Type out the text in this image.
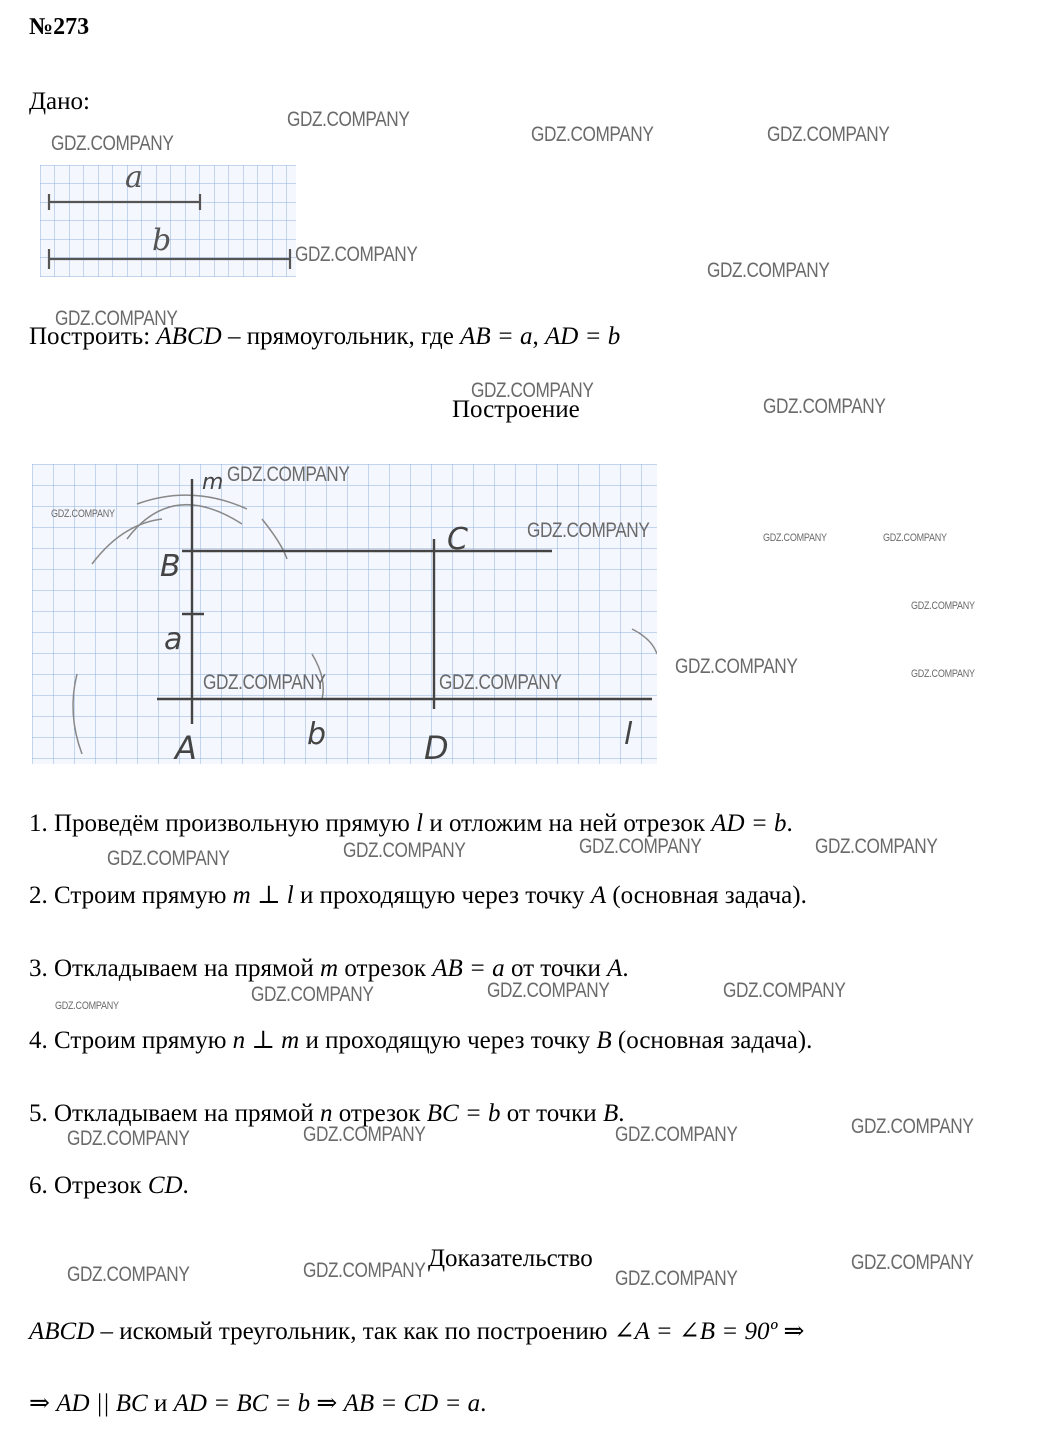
№273
Дано:
a
b
Построить: ABCD – прямоугольник, где AB = a, AD = b
Построение
m
B
C
a
A	b	D	l
1. Проведём произвольную прямую l и отложим на ней отрезок AD = b.
2. Строим прямую m ⊥ l и проходящую через точку A (основная задача).
3. Откладываем на прямой m отрезок AB = a от точки A.
4. Строим прямую n ⊥ m и проходящую через точку B (основная задача).
5. Откладываем на прямой n отрезок BC = b от точки B.
6. Отрезок CD.
Доказательство
ABCD – искомый треугольник, так как по построению ∠A = ∠B = 90º ⇒
⇒ AD || BC и AD = BC = b ⇒ AB = CD = a.
GDZ.COMPANY
GDZ.COMPANY
GDZ.COMPANY	GDZ.COMPANY
GDZ.COMPANY
GDZ.COMPANY
GDZ.COMPANY
GDZ.COMPANY
GDZ.COMPANY
GDZ.COMPANY
GDZ.COMPANY
GDZ.COMPANY	GDZ.COMPANY	GDZ.COMPANY
GDZ.COMPANY
GDZ.COMPANY	GDZ.COMPANY
GDZ.COMPANY	GDZ.COMPANY
GDZ.COMPANY	GDZ.COMPANY	GDZ.COMPANY	GDZ.COMPANY
GDZ.COMPANY	GDZ.COMPANY	GDZ.COMPANY
GDZ.COMPANY
GDZ.COMPANY	GDZ.COMPANY	GDZ.COMPANY	GDZ.COMPANY
GDZ.COMPANY	GDZ.COMPANY	GDZ.COMPANY
GDZ.COMPANY
